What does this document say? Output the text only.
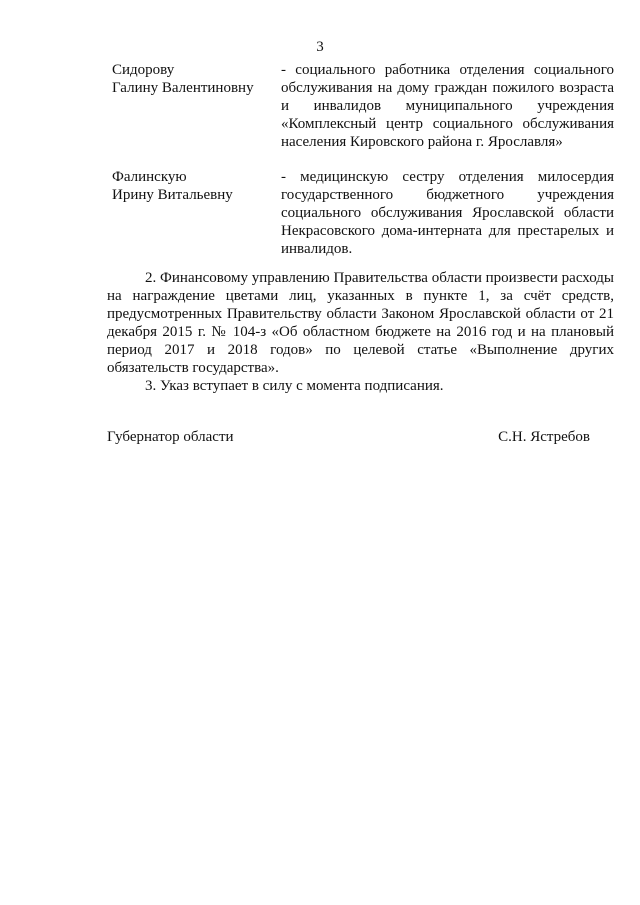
3
Сидорову
Галину Валентиновну
- социального работника отделения социального обслуживания на дому граждан пожилого возраста и инвалидов муниципального учреждения «Комплексный центр социального обслуживания населения Кировского района г. Ярославля»
Фалинскую
Ирину Витальевну
- медицинскую сестру отделения милосердия государственного бюджетного учреждения социального обслуживания Ярославской области Некрасовского дома-интерната для престарелых и инвалидов.

2. Финансовому управлению Правительства области произвести расходы на награждение цветами лиц, указанных в пункте 1, за счёт средств, предусмотренных Правительству области Законом Ярославской области от 21 декабря 2015 г. № 104-з «Об областном бюджете на 2016 год и на плановый период 2017 и 2018 годов» по целевой статье «Выполнение других обязательств государства».

3. Указ вступает в силу с момента подписания.

Губернатор области	С.Н. Ястребов
